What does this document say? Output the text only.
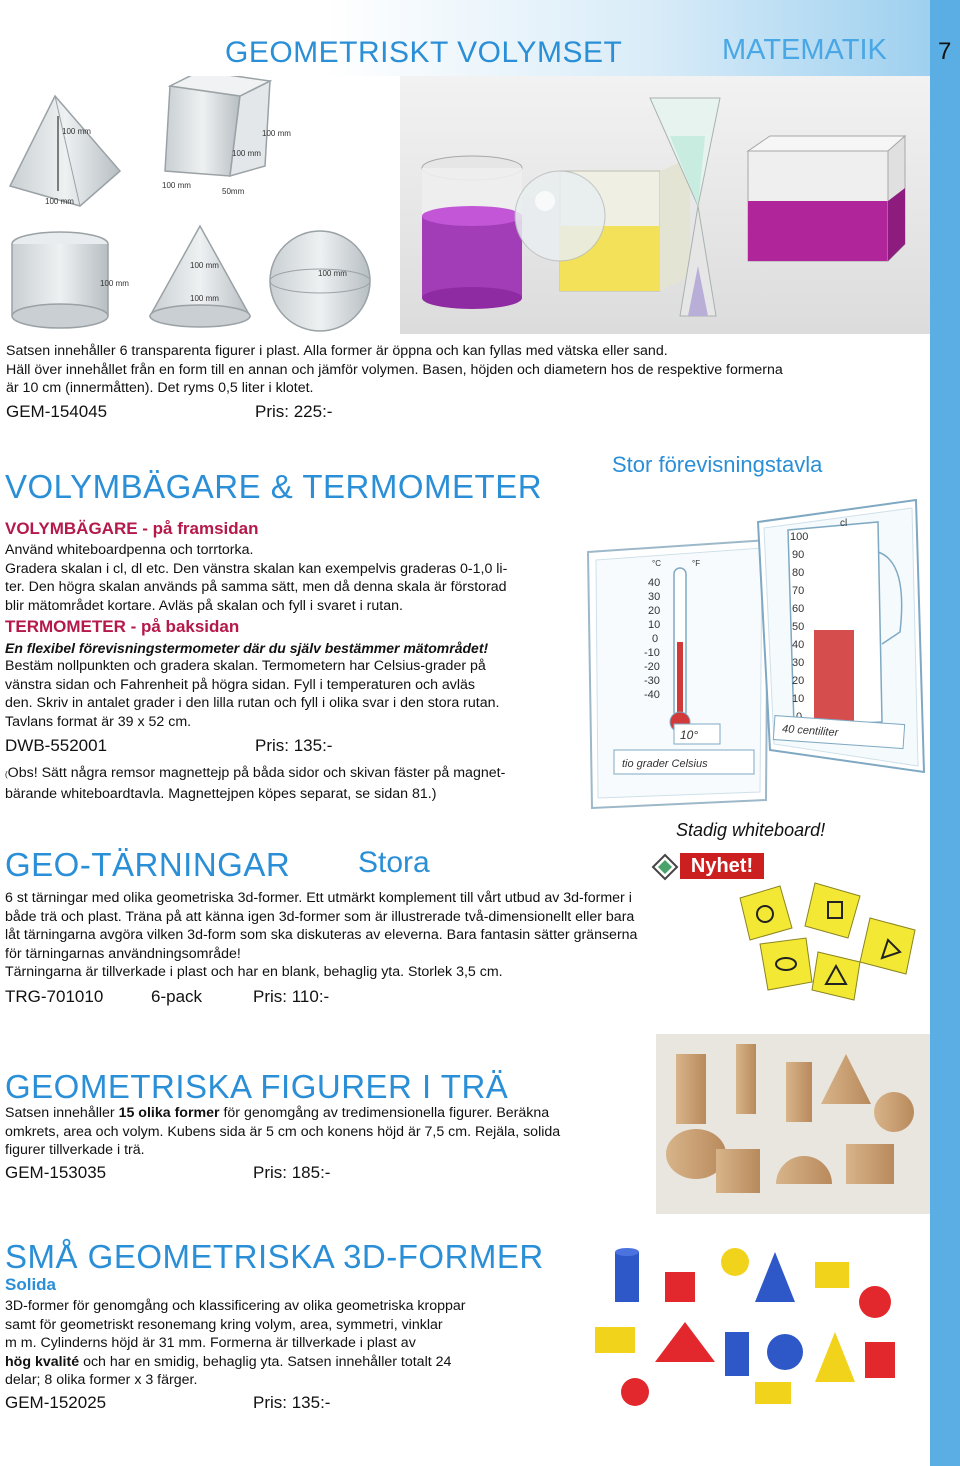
GEOMETRISKT VOLYMSET	MATEMATIK 7
100 mm
100 mm
100 mm
100 mm
100 mm
50mm
100 mm
100 mm
100 mm
100 mm
Satsen innehåller 6 transparenta figurer i plast. Alla former är öppna och kan fyllas med vätska eller sand.
Häll över innehållet från en form till en annan och jämför volymen. Basen, höjden och diametern hos de respektive formerna
är 10 cm (innermåtten). Det ryms 0,5 liter i klotet.
GEM-154045	Pris: 225:-
VOLYMBÄGARE & TERMOMETER
Stor förevisningstavla
°C	°F
40
30
20
10
0
-10
-20
-30
-40
10°
tio grader Celsius
cl
100
90
80
70
60
50
40
30
20
10
40 centiliter
VOLYMBÄGARE - på framsidan
Använd whiteboardpenna och torrtorka.
Gradera skalan i cl, dl etc. Den vänstra skalan kan exempelvis graderas 0-1,0 li-
ter. Den högra skalan används på samma sätt, men då denna skala är förstorad
blir mätområdet kortare. Avläs på skalan och fyll i svaret i rutan.
TERMOMETER - på baksidan
En flexibel förevisningstermometer där du själv bestämmer mätområdet!
Bestäm nollpunkten och gradera skalan. Termometern har Celsius-grader på
vänstra sidan och Fahrenheit på högra sidan. Fyll i temperaturen och avläs
den. Skriv in antalet grader i den lilla rutan och fyll i olika svar i den stora rutan.
Tavlans format är 39 x 52 cm.
DWB-552001	Pris: 135:-
(Obs! Sätt några remsor magnettejp på båda sidor och skivan fäster på magnet-
bärande whiteboardtavla. Magnettejpen köpes separat, se sidan 81.)
Stadig whiteboard!
GEO-TÄRNINGAR Stora	Nyhet!
6 st tärningar med olika geometriska 3d-former. Ett utmärkt komplement till vårt utbud av 3d-former i
både trä och plast. Träna på att känna igen 3d-former som är illustrerade två-dimensionellt eller bara
låt tärningarna avgöra vilken 3d-form som ska diskuteras av eleverna. Bara fantasin sätter gränserna
för tärningarnas användningsområde!
Tärningarna är tillverkade i plast och har en blank, behaglig yta. Storlek 3,5 cm.
TRG-701010	6-pack	Pris: 110:-
GEOMETRISKA FIGURER I TRÄ
Satsen innehåller 15 olika former för genomgång av tredimensionella figurer. Beräkna
omkrets, area och volym. Kubens sida är 5 cm och konens höjd är 7,5 cm. Rejäla, solida
figurer tillverkade i trä.
GEM-153035	Pris: 185:-
SMÅ GEOMETRISKA 3D-FORMER
Solida
3D-former för genomgång och klassificering av olika geometriska kroppar
samt för geometriskt resonemang kring volym, area, symmetri, vinklar
m m. Cylinderns höjd är 31 mm. Formerna är tillverkade i plast av
hög kvalité och har en smidig, behaglig yta. Satsen innehåller totalt 24
delar; 8 olika former x 3 färger.
GEM-152025	Pris: 135:-
